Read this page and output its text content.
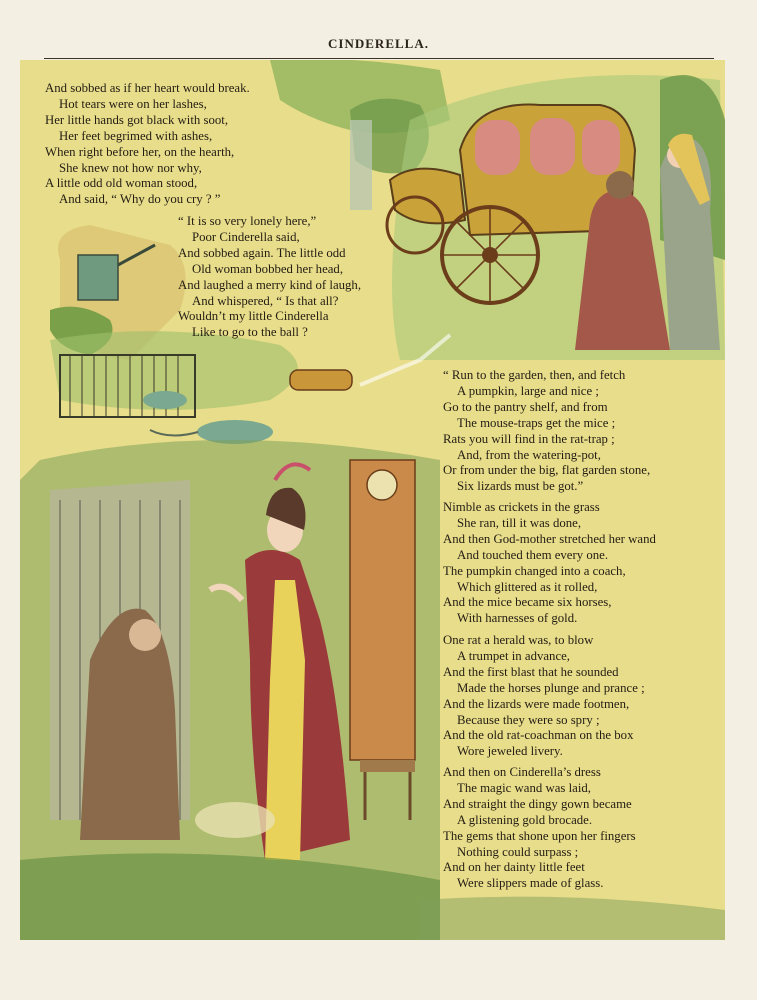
CINDERELLA.
And sobbed as if her heart would break.
Hot tears were on her lashes,
Her little hands got black with soot,
Her feet begrimed with ashes,
When right before her, on the hearth,
She knew not how nor why,
A little odd old woman stood,
And said, “ Why do you cry ? ”
“ It is so very lonely here,”
Poor Cinderella said,
And sobbed again. The little odd
Old woman bobbed her head,
And laughed a merry kind of laugh,
And whispered, “ Is that all?
Wouldn’t my little Cinderella
Like to go to the ball ?
“ Run to the garden, then, and fetch
A pumpkin, large and nice ;
Go to the pantry shelf, and from
The mouse-traps get the mice ;
Rats you will find in the rat-trap ;
And, from the watering-pot,
Or from under the big, flat garden stone,
Six lizards must be got.”
Nimble as crickets in the grass
She ran, till it was done,
And then God-mother stretched her wand
And touched them every one.
The pumpkin changed into a coach,
Which glittered as it rolled,
And the mice became six horses,
With harnesses of gold.
One rat a herald was, to blow
A trumpet in advance,
And the first blast that he sounded
Made the horses plunge and prance ;
And the lizards were made footmen,
Because they were so spry ;
And the old rat-coachman on the box
Wore jeweled livery.
And then on Cinderella’s dress
The magic wand was laid,
And straight the dingy gown became
A glistening gold brocade.
The gems that shone upon her fingers
Nothing could surpass ;
And on her dainty little feet
Were slippers made of glass.
